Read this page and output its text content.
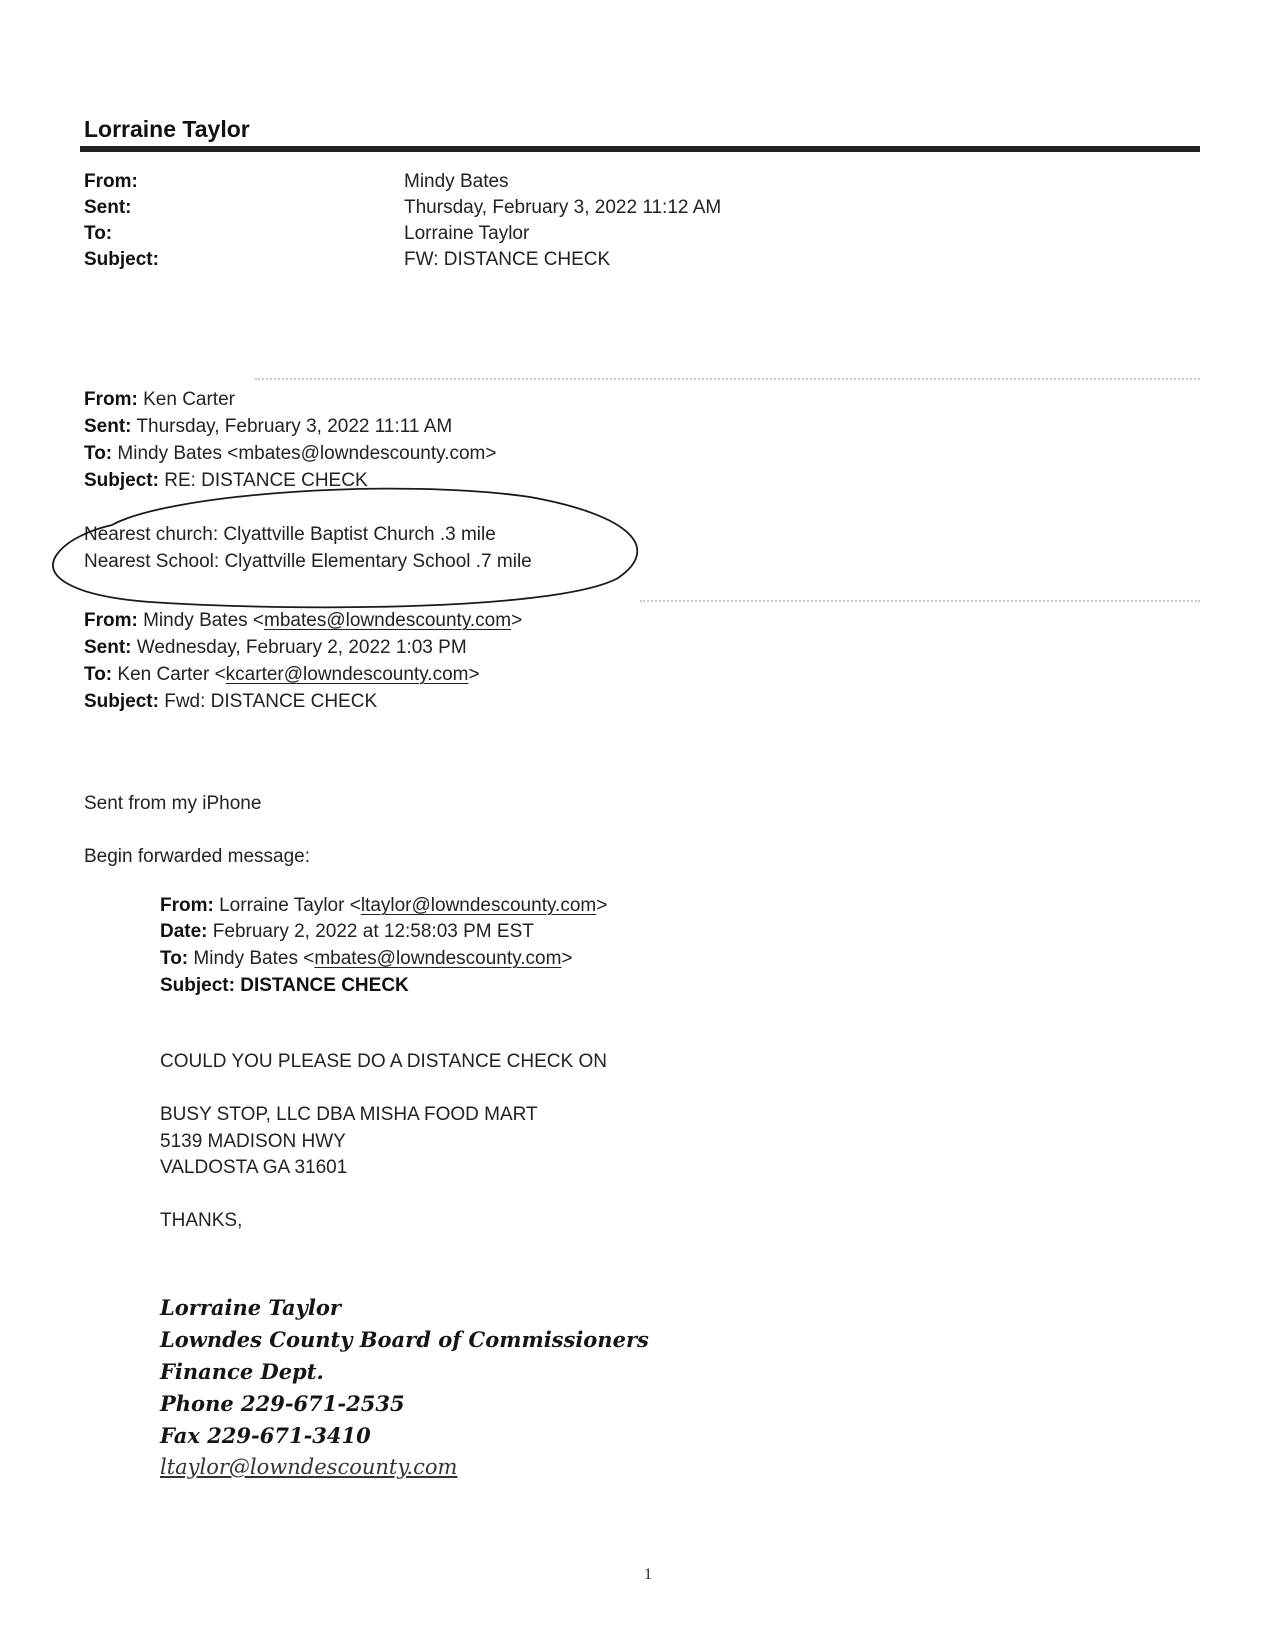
Lorraine Taylor
From:	Mindy Bates
Sent:	Thursday, February 3, 2022 11:12 AM
To:	Lorraine Taylor
Subject:	FW: DISTANCE CHECK
From: Ken Carter
Sent: Thursday, February 3, 2022 11:11 AM
To: Mindy Bates <mbates@lowndescounty.com>
Subject: RE: DISTANCE CHECK
Nearest church: Clyattville Baptist Church .3 mile
Nearest School: Clyattville Elementary School .7 mile
From: Mindy Bates <mbates@lowndescounty.com>
Sent: Wednesday, February 2, 2022 1:03 PM
To: Ken Carter <kcarter@lowndescounty.com>
Subject: Fwd: DISTANCE CHECK
Sent from my iPhone
Begin forwarded message:
From: Lorraine Taylor <ltaylor@lowndescounty.com>
Date: February 2, 2022 at 12:58:03 PM EST
To: Mindy Bates <mbates@lowndescounty.com>
Subject: DISTANCE CHECK
COULD YOU PLEASE DO A DISTANCE CHECK ON
BUSY STOP, LLC DBA MISHA FOOD MART
5139 MADISON HWY
VALDOSTA GA 31601
THANKS,
Lorraine Taylor
Lowndes County Board of Commissioners
Finance Dept.
Phone 229-671-2535
Fax 229-671-3410
ltaylor@lowndescounty.com
1
